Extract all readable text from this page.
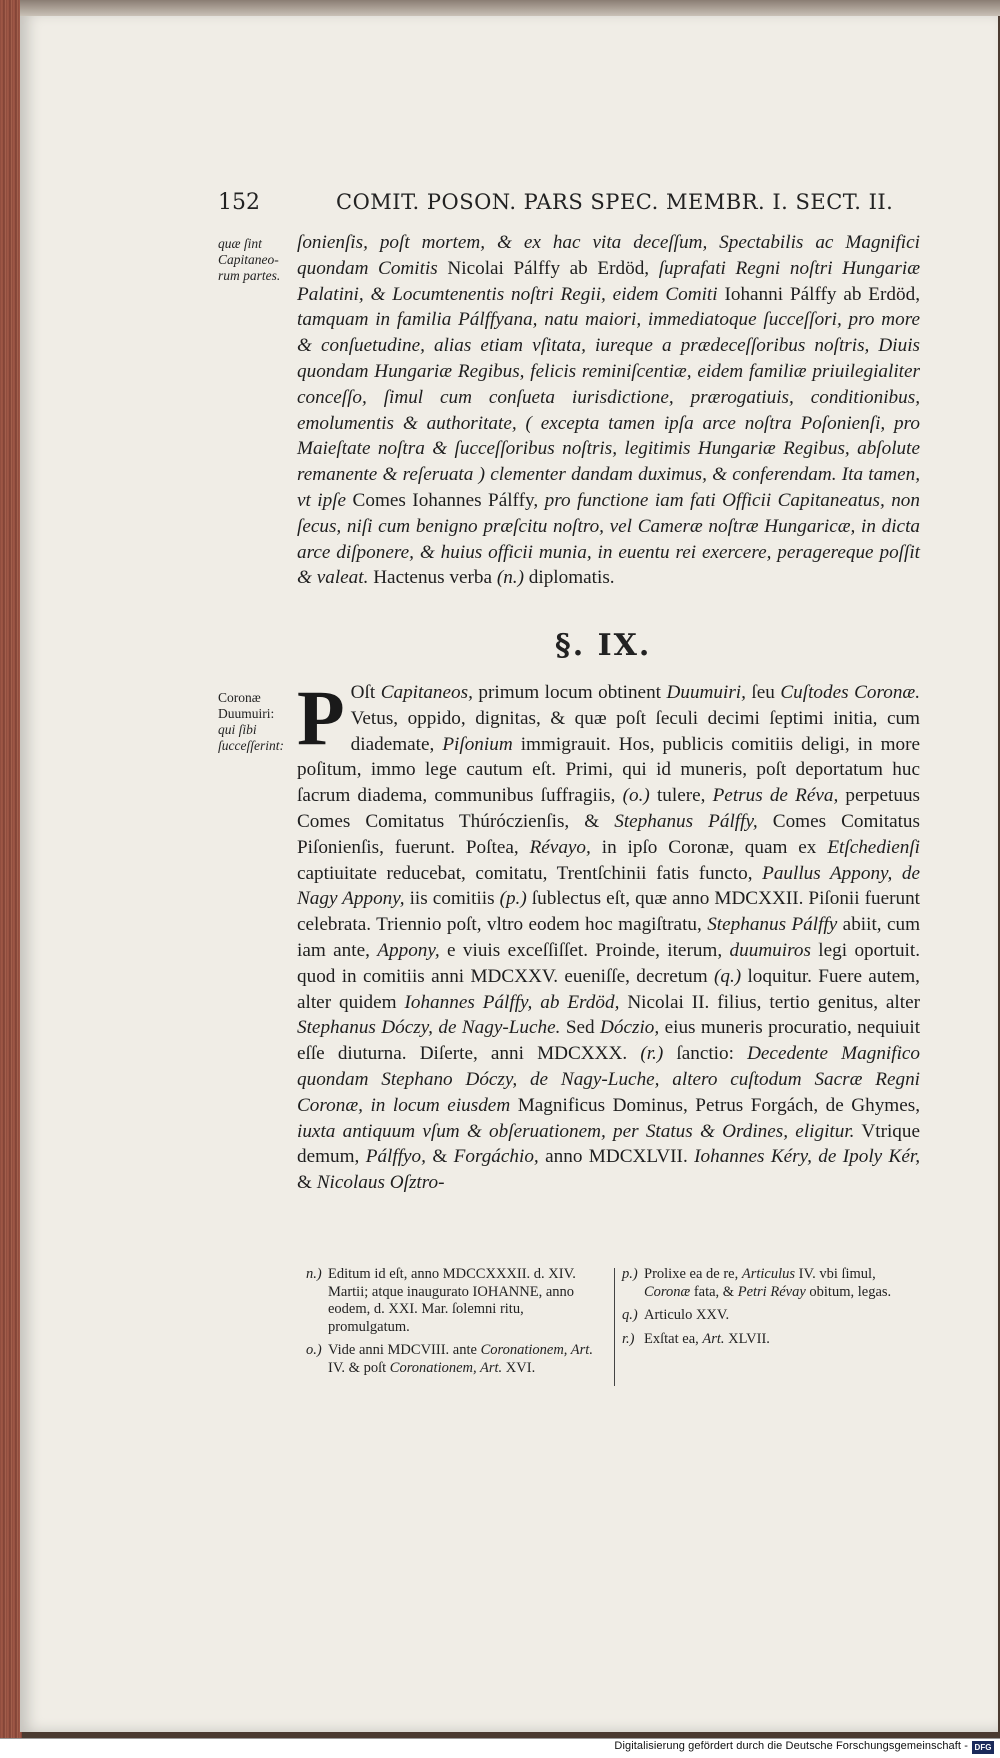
152	COMIT. POSON. PARS SPEC. MEMBR. I. SECT. II.
quæ ſint Capitaneorum partes.

ſonienſis, poſt mortem, & ex hac vita deceſſum, Spectabilis ac Magnifici quondam Comitis Nicolai Pálffy ab Erdöd, ſuprafati Regni noſtri Hungariæ Palatini, & Locumtenentis noſtri Regii, eidem Comiti Iohanni Pálffy ab Erdöd, tamquam in familia Pálffyana, natu maiori, immediatoque ſucceſſori, pro more & conſuetudine, alias etiam vſitata, iureque a prædeceſſoribus noſtris, Diuis quondam Hungariæ Regibus, felicis reminiſcentiæ, eidem familiæ priuilegialiter conceſſo, ſimul cum conſueta iurisdictione, prærogatiuis, conditionibus, emolumentis & authoritate, ( excepta tamen ipſa arce noſtra Poſonienſi, pro Maieſtate noſtra & ſucceſſoribus noſtris, legitimis Hungariæ Regibus, abſolute remanente & reſeruata ) clementer dandam duximus, & conferendam. Ita tamen, vt ipſe Comes Iohannes Pálffy, pro functione iam fati Officii Capitaneatus, non ſecus, niſi cum benigno præſcitu noſtro, vel Cameræ noſtræ Hungaricæ, in dicta arce diſponere, & huius officii munia, in euentu rei exercere, peragereque poſſit & valeat. Hactenus verba (n.) diplomatis.

§. IX.
Coronæ Duumuiri: qui ſibi ſucceſſerint: P Oſt Capitaneos, primum locum obtinent Duumuiri, ſeu Cuſtodes Coronæ. Vetus, oppido, dignitas, & quæ poſt ſeculi decimi ſeptimi initia, cum diademate, Piſonium immigrauit. Hos, publicis comitiis deligi, in more poſitum, immo lege cautum eſt. Primi, qui id muneris, poſt deportatum huc ſacrum diadema, communibus ſuffragiis, (o.) tulere, Petrus de Réva, perpetuus Comes Comitatus Thúróczienſis, & Stephanus Pálffy, Comes Comitatus Piſonienſis, fuerunt. Poſtea, Révayo, in ipſo Coronæ, quam ex Etſchedienſi captiuitate reducebat, comitatu, Trentſchinii fatis functo, Paullus Appony, de Nagy Appony, iis comitiis (p.) ſublectus eſt, quæ anno MDCXXII. Piſonii fuerunt celebrata. Triennio poſt, vltro eodem hoc magiſtratu, Stephanus Pálffy abiit, cum iam ante, Appony, e viuis exceſſiſſet. Proinde, iterum, duumuiros legi oportuit. quod in comitiis anni MDCXXV. eueniſſe, decretum (q.) loquitur. Fuere autem, alter quidem Iohannes Pálffy, ab Erdöd, Nicolai II. filius, tertio genitus, alter Stephanus Dóczy, de Nagy-Luche. Sed Dóczio, eius muneris procuratio, nequiuit eſſe diuturna. Diſerte, anni MDCXXX. (r.) ſanctio: Decedente Magnifico quondam Stephano Dóczy, de Nagy-Luche, altero cuſtodum Sacræ Regni Coronæ, in locum eiusdem Magnificus Dominus, Petrus Forgách, de Ghymes, iuxta antiquum vſum & obſeruationem, per Status & Ordines, eligitur. Vtrique demum, Pálffyo, & Forgáchio, anno MDCXLVII. Iohannes Kéry, de Ipoly Kér, & Nicolaus Oſztro-

n.) Editum id eſt, anno MDCCXXXII. d. XIV. Martii; atque inaugurato IOHANNE, anno eodem, d. XXI. Mar. ſolemni ritu, promulgatum.
o.) Vide anni MDCVIII. ante Coronationem, Art. IV. & poſt Coronationem, Art. XVI.
p.) Prolixe ea de re, Articulus IV. vbi ſimul, Coronæ fata, & Petri Révay obitum, legas.
q.) Articulo XXV.
r.) Exſtat ea, Art. XLVII.
Digitalisierung gefördert durch die Deutsche Forschungsgemeinschaft - DFG
